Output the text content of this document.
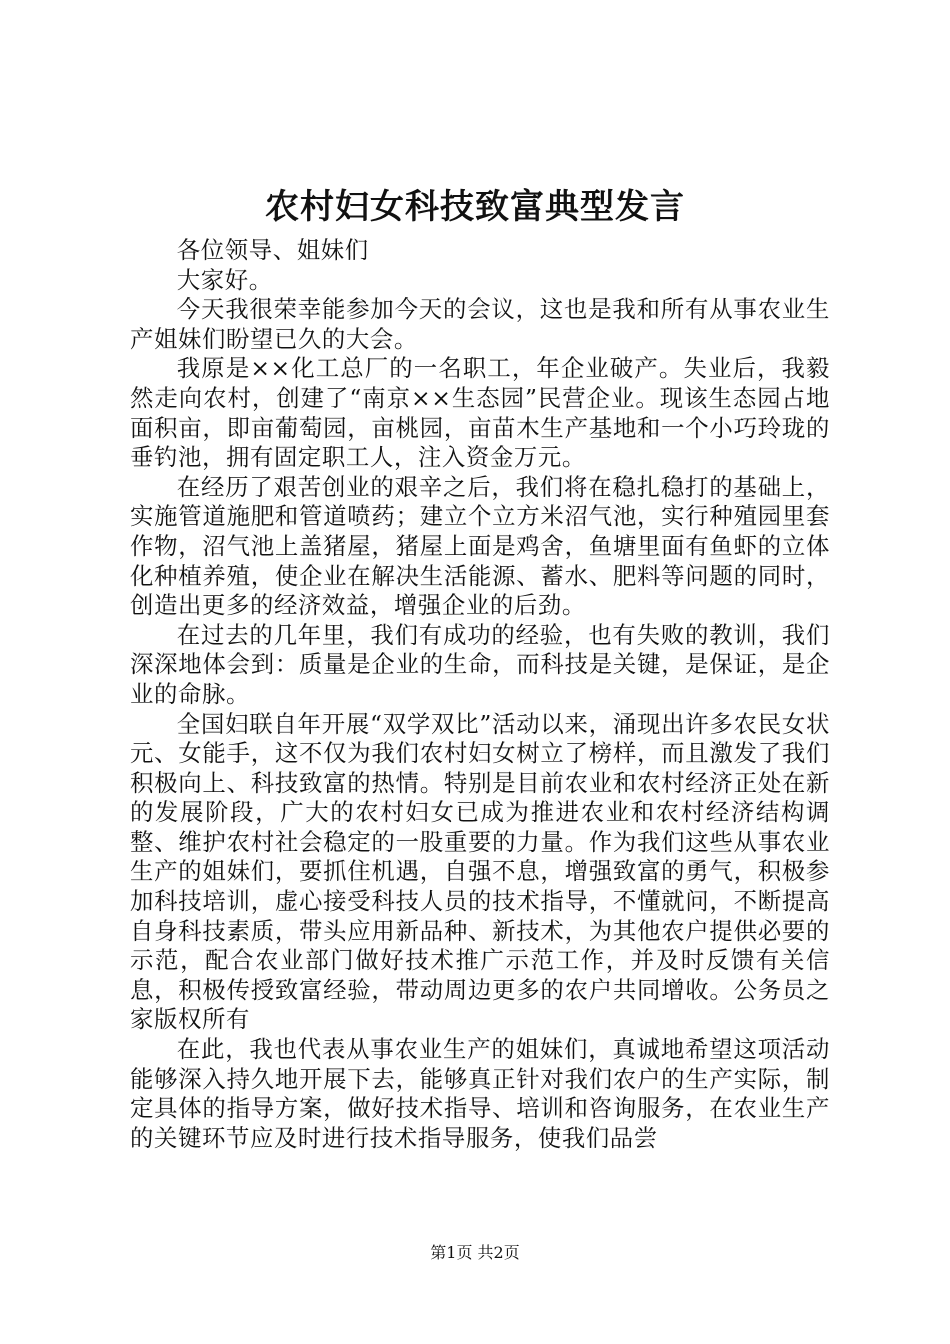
农村妇女科技致富典型发言

各位领导、姐妹们

大家好。

今天我很荣幸能参加今天的会议，这也是我和所有从事农业生产姐妹们盼望已久的大会。

我原是××化工总厂的一名职工，年企业破产。失业后，我毅然走向农村，创建了“南京××生态园”民营企业。现该生态园占地面积亩，即亩葡萄园，亩桃园，亩苗木生产基地和一个小巧玲珑的垂钓池，拥有固定职工人，注入资金万元。

在经历了艰苦创业的艰辛之后，我们将在稳扎稳打的基础上，实施管道施肥和管道喷药；建立个立方米沼气池，实行种殖园里套作物，沼气池上盖猪屋，猪屋上面是鸡舍，鱼塘里面有鱼虾的立体化种植养殖，使企业在解决生活能源、蓄水、肥料等问题的同时，创造出更多的经济效益，增强企业的后劲。

在过去的几年里，我们有成功的经验，也有失败的教训，我们深深地体会到：质量是企业的生命，而科技是关键，是保证，是企业的命脉。

全国妇联自年开展“双学双比”活动以来，涌现出许多农民女状元、女能手，这不仅为我们农村妇女树立了榜样，而且激发了我们积极向上、科技致富的热情。特别是目前农业和农村经济正处在新的发展阶段，广大的农村妇女已成为推进农业和农村经济结构调整、维护农村社会稳定的一股重要的力量。作为我们这些从事农业生产的姐妹们，要抓住机遇，自强不息，增强致富的勇气，积极参加科技培训，虚心接受科技人员的技术指导，不懂就问，不断提高自身科技素质，带头应用新品种、新技术，为其他农户提供必要的示范，配合农业部门做好技术推广示范工作，并及时反馈有关信息，积极传授致富经验，带动周边更多的农户共同增收。公务员之家版权所有

在此，我也代表从事农业生产的姐妹们，真诚地希望这项活动能够深入持久地开展下去，能够真正针对我们农户的生产实际，制定具体的指导方案，做好技术指导、培训和咨询服务，在农业生产的关键环节应及时进行技术指导服务，使我们品尝

第1页 共2页
